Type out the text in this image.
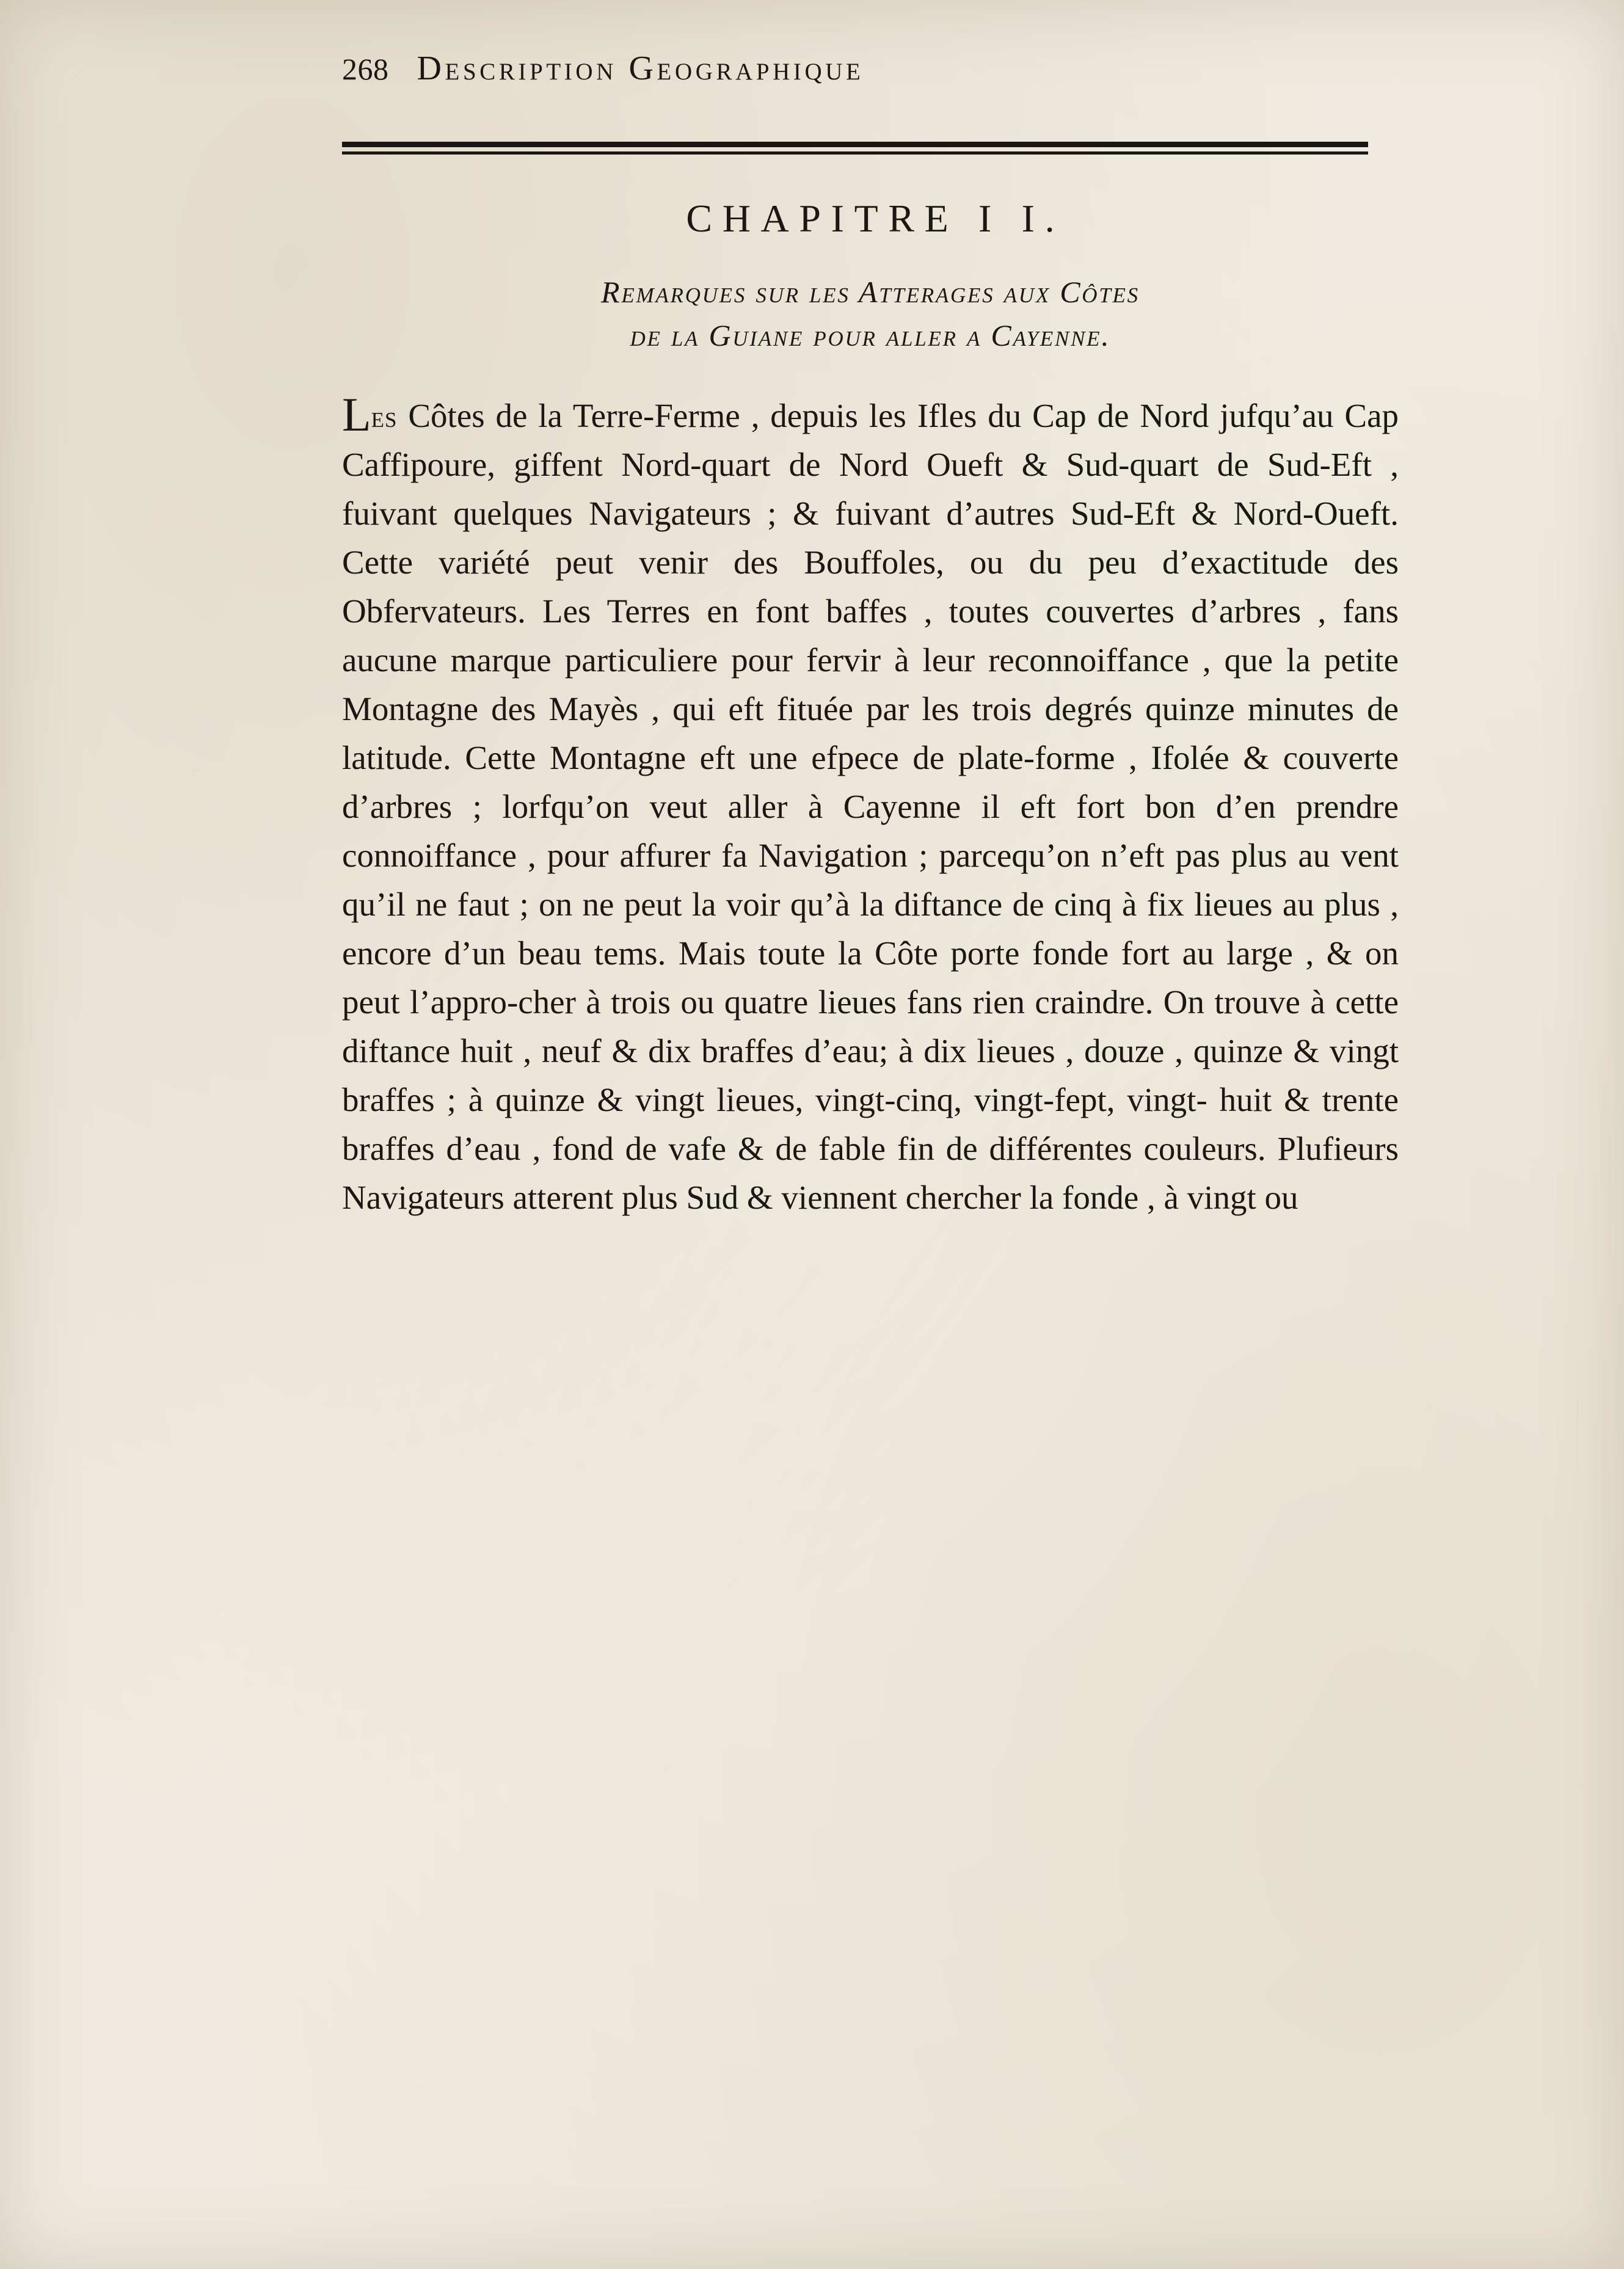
268 Description Geographique
CHAPITRE I I.
Remarques sur les Atterages aux Côtes
de la Guiane pour aller a Cayenne.

Les Côtes de la Terre-Ferme , depuis les Ifles du Cap de Nord jufqu’au Cap Caffipoure, giffent Nord-quart de Nord Oueft & Sud-quart de Sud-Eft , fuivant quelques Navigateurs ; & fuivant d’autres Sud-Eft & Nord-Oueft. Cette variété peut venir des Bouffoles, ou du peu d’exactitude des Obfervateurs. Les Terres en font baffes , toutes couvertes d’arbres , fans aucune marque particuliere pour fervir à leur reconnoiffance , que la petite Montagne des Mayès , qui eft fituée par les trois degrés quinze minutes de latitude. Cette Montagne eft une efpece de plate-forme , Ifolée & couverte d’arbres ; lorfqu’on veut aller à Cayenne il eft fort bon d’en prendre connoiffance , pour affurer fa Navigation ; parcequ’on n’eft pas plus au vent qu’il ne faut ; on ne peut la voir qu’à la diftance de cinq à fix lieues au plus , encore d’un beau tems. Mais toute la Côte porte fonde fort au large , & on peut l’appro-cher à trois ou quatre lieues fans rien craindre. On trouve à cette diftance huit , neuf & dix braffes d’eau; à dix lieues , douze , quinze & vingt braffes ; à quinze & vingt lieues, vingt-cinq, vingt-fept, vingt- huit & trente braffes d’eau , fond de vafe & de fable fin de différentes couleurs. Plufieurs Navigateurs atterent plus Sud & viennent chercher la fonde , à vingt ou
